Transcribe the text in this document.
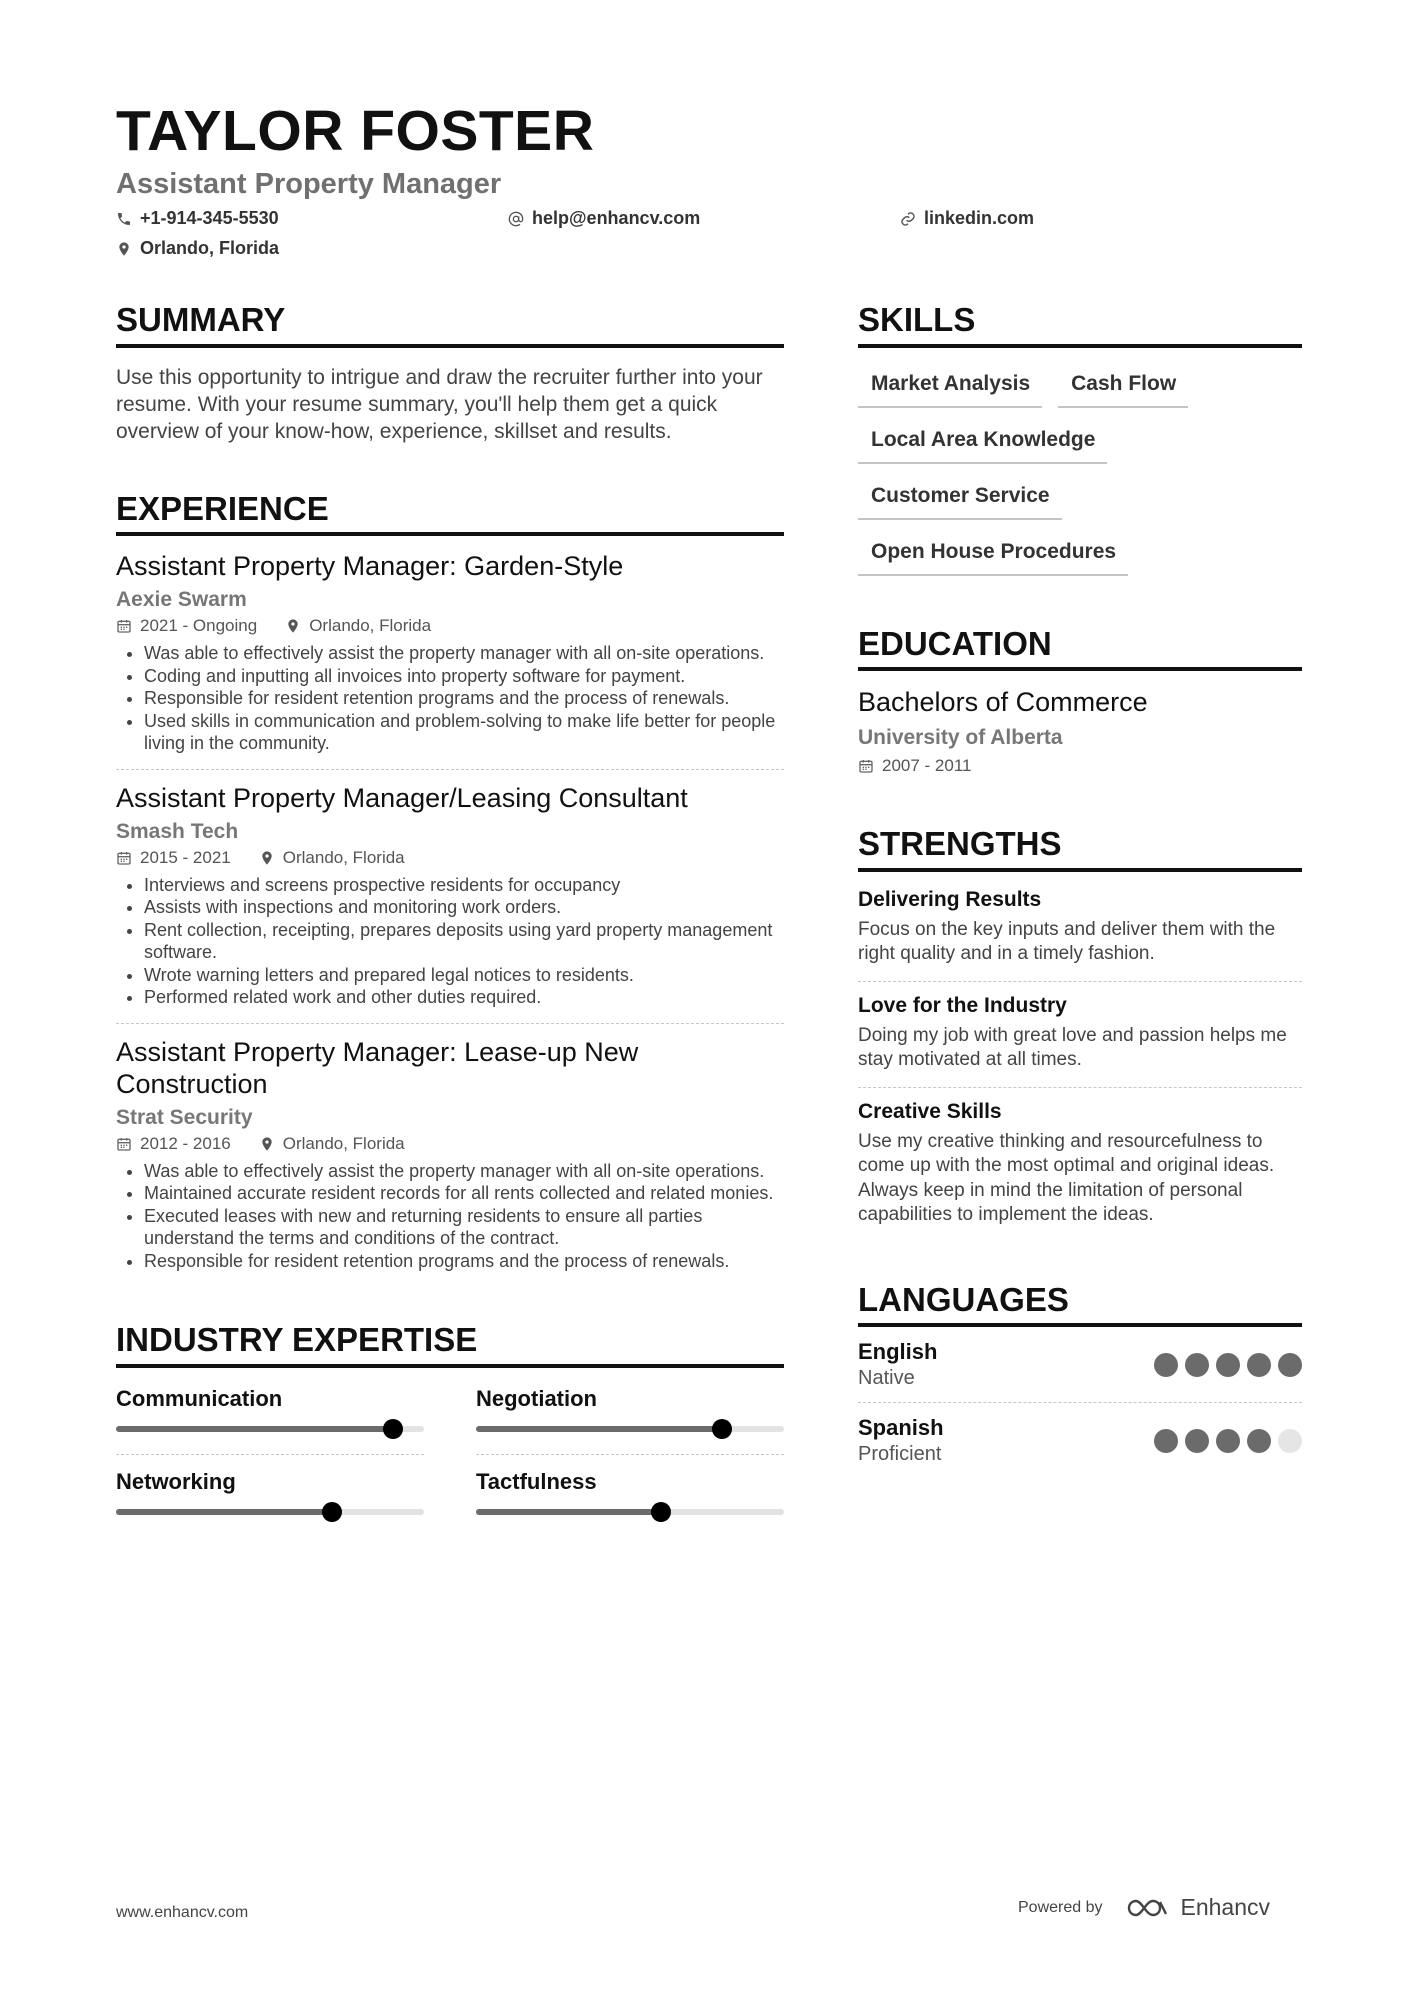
TAYLOR FOSTER
Assistant Property Manager
+1-914-345-5530	help@enhancv.com	linkedin.com
Orlando, Florida
SUMMARY

Use this opportunity to intrigue and draw the recruiter further into your resume. With your resume summary, you'll help them get a quick overview of your know-how, experience, skillset and results.

EXPERIENCE

Assistant Property Manager: Garden-Style

Aexie Swarm
2021 - Ongoing	Orlando, Florida
• Was able to effectively assist the property manager with all on-site operations.
• Coding and inputting all invoices into property software for payment.
• Responsible for resident retention programs and the process of renewals.
• Used skills in communication and problem-solving to make life better for people living in the community.

Assistant Property Manager/Leasing Consultant

Smash Tech
2015 - 2021	Orlando, Florida
• Interviews and screens prospective residents for occupancy
• Assists with inspections and monitoring work orders.
• Rent collection, receipting, prepares deposits using yard property management software.
• Wrote warning letters and prepared legal notices to residents.
• Performed related work and other duties required.

Assistant Property Manager: Lease-up New Construction

Strat Security
2012 - 2016	Orlando, Florida
• Was able to effectively assist the property manager with all on-site operations.
• Maintained accurate resident records for all rents collected and related monies.
• Executed leases with new and returning residents to ensure all parties understand the terms and conditions of the contract.
• Responsible for resident retention programs and the process of renewals.
INDUSTRY EXPERTISE
Communication	Negotiation
Networking	Tactfulness
SKILLS
Market Analysis	Cash Flow
Local Area Knowledge
Customer Service
Open House Procedures
EDUCATION

Bachelors of Commerce

University of Alberta
2007 - 2011
STRENGTHS

Delivering Results

Focus on the key inputs and deliver them with the right quality and in a timely fashion.

Love for the Industry

Doing my job with great love and passion helps me stay motivated at all times.

Creative Skills

Use my creative thinking and resourcefulness to come up with the most optimal and original ideas. Always keep in mind the limitation of personal capabilities to implement the ideas.

LANGUAGES
English
Native
Spanish
Proficient
www.enhancv.com	Powered by	Enhancv
